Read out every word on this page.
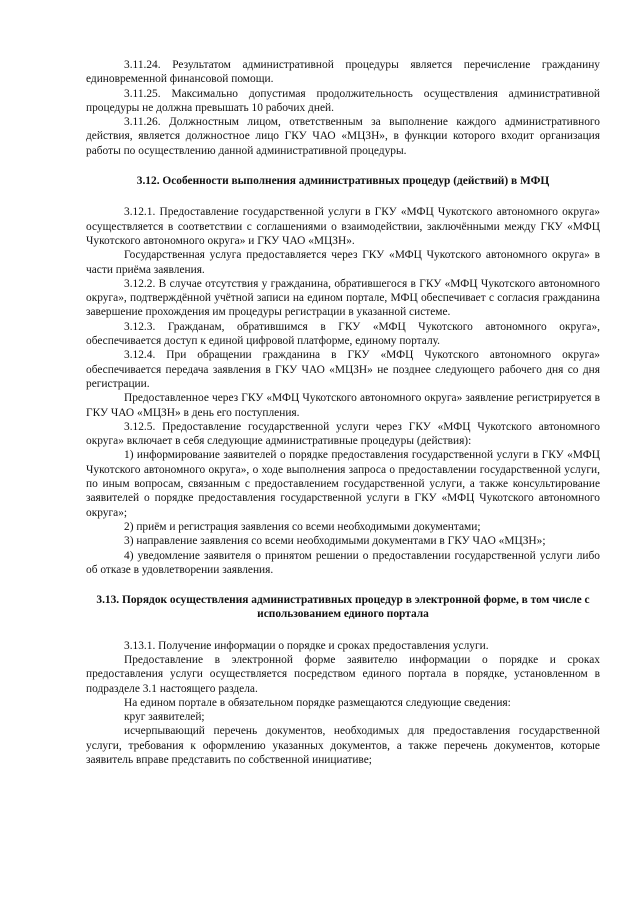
3.11.24. Результатом административной процедуры является перечисление гражданину единовременной финансовой помощи.

3.11.25. Максимально допустимая продолжительность осуществления административной процедуры не должна превышать 10 рабочих дней.

3.11.26. Должностным лицом, ответственным за выполнение каждого административного действия, является должностное лицо ГКУ ЧАО «МЦЗН», в функции которого входит организация работы по осуществлению данной административной процедуры.

3.12. Особенности выполнения административных процедур (действий) в МФЦ

3.12.1. Предоставление государственной услуги в ГКУ «МФЦ Чукотского автономного округа» осуществляется в соответствии с соглашениями о взаимодействии, заключёнными между ГКУ «МФЦ Чукотского автономного округа» и ГКУ ЧАО «МЦЗН».

Государственная услуга предоставляется через ГКУ «МФЦ Чукотского автономного округа» в части приёма заявления.

3.12.2. В случае отсутствия у гражданина, обратившегося в ГКУ «МФЦ Чукотского автономного округа», подтверждённой учётной записи на едином портале, МФЦ обеспечивает с согласия гражданина завершение прохождения им процедуры регистрации в указанной системе.

3.12.3. Гражданам, обратившимся в ГКУ «МФЦ Чукотского автономного округа», обеспечивается доступ к единой цифровой платформе, единому порталу.

3.12.4. При обращении гражданина в ГКУ «МФЦ Чукотского автономного округа» обеспечивается передача заявления в ГКУ ЧАО «МЦЗН» не позднее следующего рабочего дня со дня регистрации.

Предоставленное через ГКУ «МФЦ Чукотского автономного округа» заявление регистрируется в ГКУ ЧАО «МЦЗН» в день его поступления.

3.12.5. Предоставление государственной услуги через ГКУ «МФЦ Чукотского автономного округа» включает в себя следующие административные процедуры (действия):

1) информирование заявителей о порядке предоставления государственной услуги в ГКУ «МФЦ Чукотского автономного округа», о ходе выполнения запроса о предоставлении государственной услуги, по иным вопросам, связанным с предоставлением государственной услуги, а также консультирование заявителей о порядке предоставления государственной услуги в ГКУ «МФЦ Чукотского автономного округа»;

2) приём и регистрация заявления со всеми необходимыми документами;

3) направление заявления со всеми необходимыми документами в ГКУ ЧАО «МЦЗН»;

4) уведомление заявителя о принятом решении о предоставлении государственной услуги либо об отказе в удовлетворении заявления.

3.13. Порядок осуществления административных процедур в электронной форме, в том числе с использованием единого портала

3.13.1. Получение информации о порядке и сроках предоставления услуги.

Предоставление в электронной форме заявителю информации о порядке и сроках предоставления услуги осуществляется посредством единого портала в порядке, установленном в подразделе 3.1 настоящего раздела.

На едином портале в обязательном порядке размещаются следующие сведения:

круг заявителей;

исчерпывающий перечень документов, необходимых для предоставления государственной услуги, требования к оформлению указанных документов, а также перечень документов, которые заявитель вправе представить по собственной инициативе;
